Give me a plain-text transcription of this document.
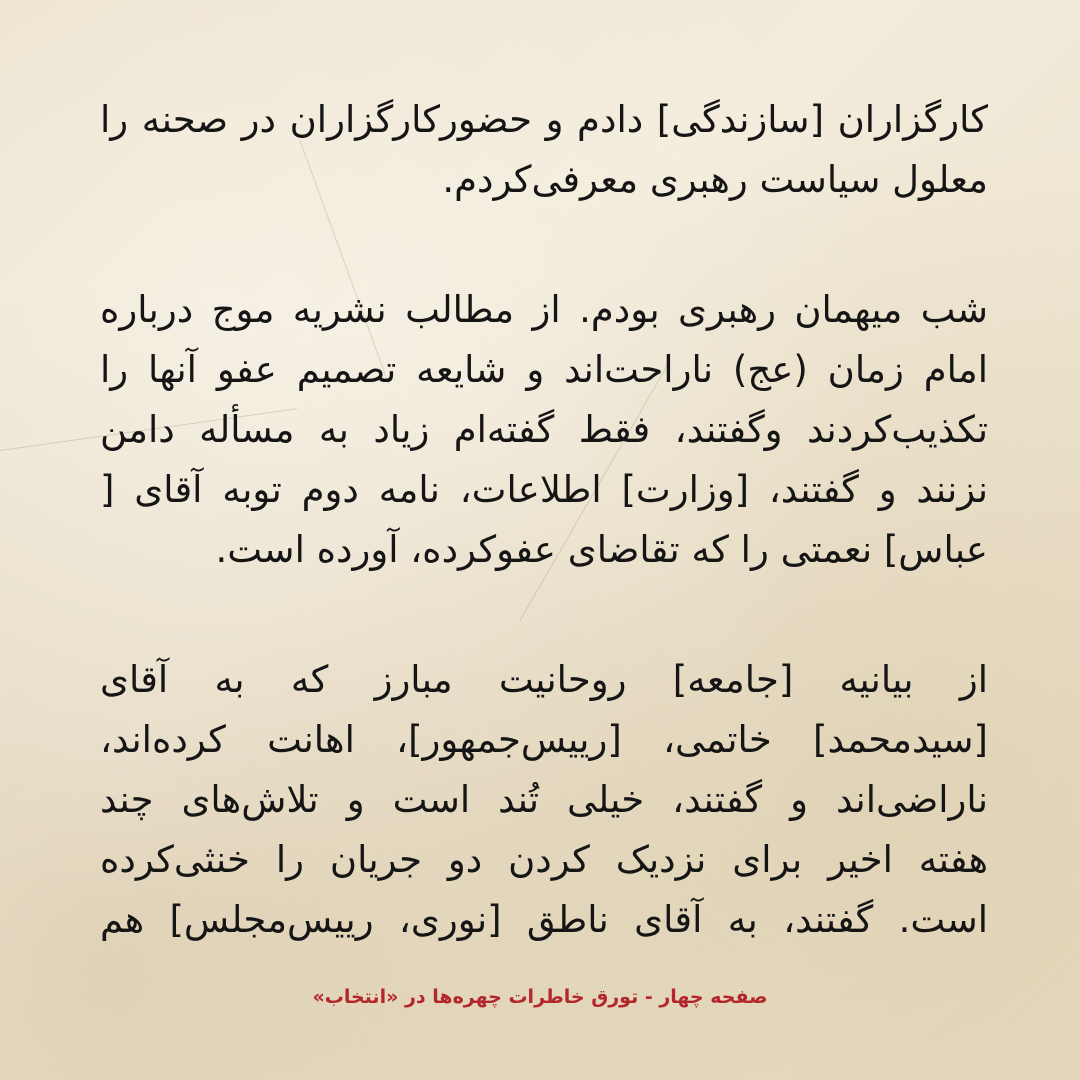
کارگزاران [سازندگی] دادم و حضورکارگزاران در صحنه را
معلول سیاست رهبری معرفی‌کردم.
شب میهمان رهبری بودم. از مطالب نشریه موج درباره
امام زمان (عج) ناراحت‌اند و شایعه تصمیم عفو آنها را
تکذیب‌کردند وگفتند، فقط گفته‌ام زیاد به مسأله دامن
نزنند و گفتند، [وزارت] اطلاعات، نامه دوم توبه آقای [
عباس] نعمتی را که تقاضای عفوکرده، آورده است.
از بیانیه [جامعه] روحانیت مبارز که به آقای
[سیدمحمد] خاتمی، [رییس‌جمهور]، اهانت کرده‌اند،
ناراضی‌اند و گفتند، خیلی تُند است و تلاش‌های چند
هفته اخیر برای نزدیک کردن دو جریان را خنثی‌کرده
است. گفتند، به آقای ناطق [نوری، رییس‌مجلس] هم
صفحه چهار - تورق خاطرات چهره‌ها در «انتخاب»
